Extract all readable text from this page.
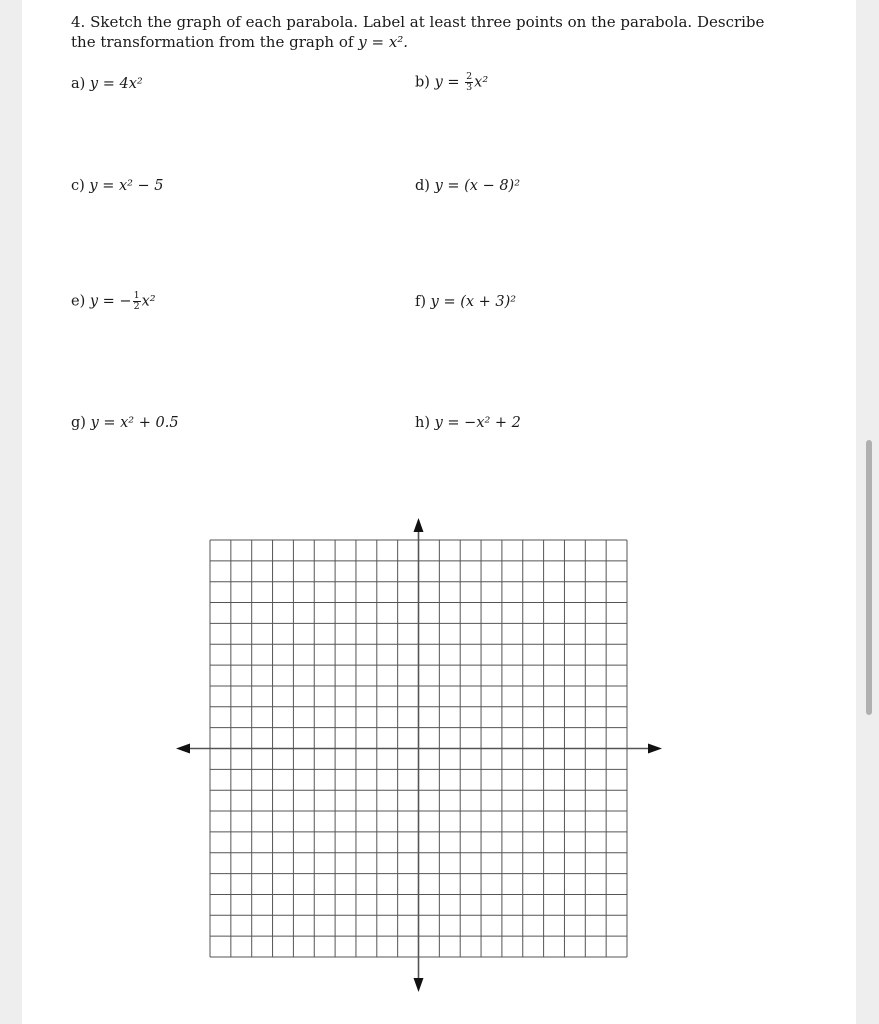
4. Sketch the graph of each parabola. Label at least three points on the parabola. Describe the transformation from the graph of y = x².
a) y = 4x²	b) $y = \frac{2}{3} x^2$
c) y = x² − 5	d) y = (x − 8)²
e) y = − $\frac{1}{2} x^2$	f) y = (x + 3)²
g) y = x² + 0.5	h) y = −x² + 2
